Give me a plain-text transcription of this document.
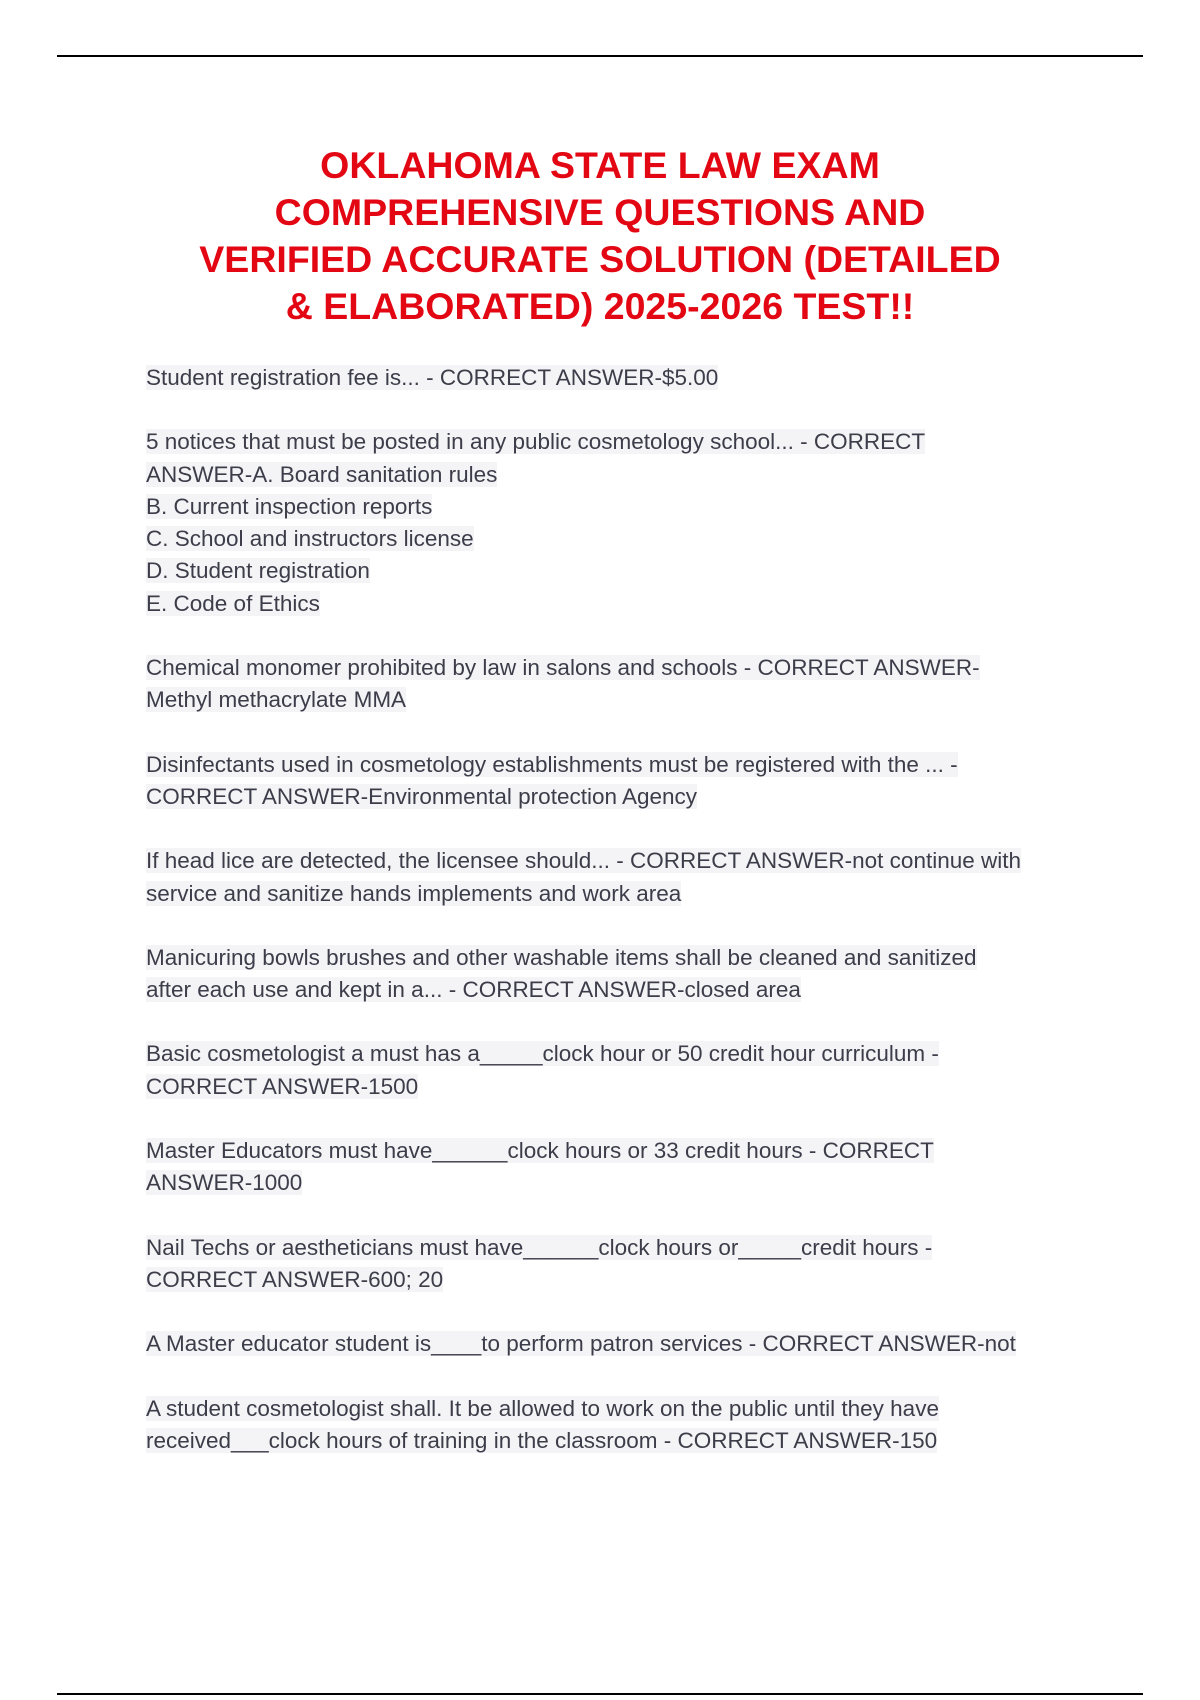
OKLAHOMA STATE LAW EXAM
COMPREHENSIVE QUESTIONS AND
VERIFIED ACCURATE SOLUTION (DETAILED
& ELABORATED) 2025-2026 TEST!!
Student registration fee is... - CORRECT ANSWER-$5.00
5 notices that must be posted in any public cosmetology school... - CORRECT
ANSWER-A. Board sanitation rules
B. Current inspection reports
C. School and instructors license
D. Student registration
E. Code of Ethics
Chemical monomer prohibited by law in salons and schools - CORRECT ANSWER-
Methyl methacrylate MMA
Disinfectants used in cosmetology establishments must be registered with the ... -
CORRECT ANSWER-Environmental protection Agency
If head lice are detected, the licensee should... - CORRECT ANSWER-not continue with
service and sanitize hands implements and work area
Manicuring bowls brushes and other washable items shall be cleaned and sanitized
after each use and kept in a... - CORRECT ANSWER-closed area
Basic cosmetologist a must has a_____clock hour or 50 credit hour curriculum -
CORRECT ANSWER-1500
Master Educators must have______clock hours or 33 credit hours - CORRECT
ANSWER-1000
Nail Techs or aestheticians must have______clock hours or_____credit hours -
CORRECT ANSWER-600; 20
A Master educator student is____to perform patron services - CORRECT ANSWER-not
A student cosmetologist shall. It be allowed to work on the public until they have
received___clock hours of training in the classroom - CORRECT ANSWER-150
